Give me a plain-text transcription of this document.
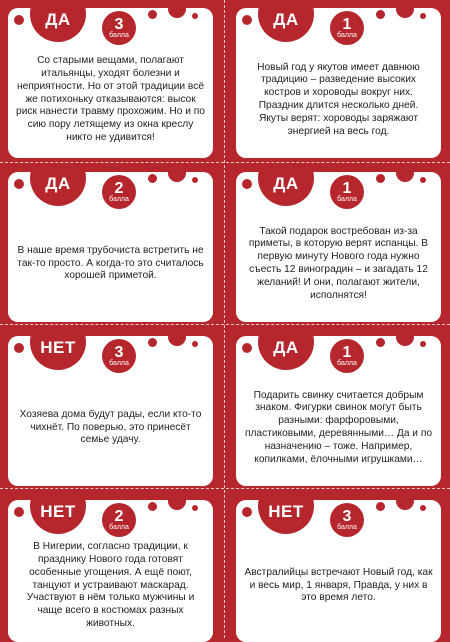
ДА	3
балла
Со старыми вещами, полагают итальянцы, уходят болезни и неприятности. Но от этой традиции всё же потихоньку отказываются: высок риск нанести травму прохожим. Но и по сию пору летящему из окна креслу никто не удивится!
ДА	1
балла
Новый год у якутов имеет давнюю традицию – разведение высоких костров и хороводы вокруг них. Праздник длится несколько дней. Якуты верят: хороводы заряжают энергией на весь год.
ДА	2
балла
В наше время трубочиста встретить не так-то просто. А когда-то это считалось хорошей приметой.
ДА	1
балла
Такой подарок востребован из-за приметы, в которую верят испанцы. В первую минуту Нового года нужно съесть 12 виноградин – и загадать 12 желаний! И они, полагают жители, исполнятся!
НЕТ	3
балла
Хозяева дома будут рады, если кто-то чихнёт. По поверью, это принесёт семье удачу.
ДА	1
балла
Подарить свинку считается добрым знаком. Фигурки свинок могут быть разными: фарфоровыми, пластиковыми, деревянными… Да и по назначению – тоже. Например, копилками, ёлочными игрушками…
НЕТ	2
балла
В Нигерии, согласно традиции, к празднику Нового года готовят особенные угощения. А ещё поют, танцуют и устраивают маскарад. Участвуют в нём только мужчины и чаще всего в костюмах разных животных.
НЕТ	3
балла
Австралийцы встречают Новый год, как и весь мир, 1 января, Правда, у них в это время лето.
